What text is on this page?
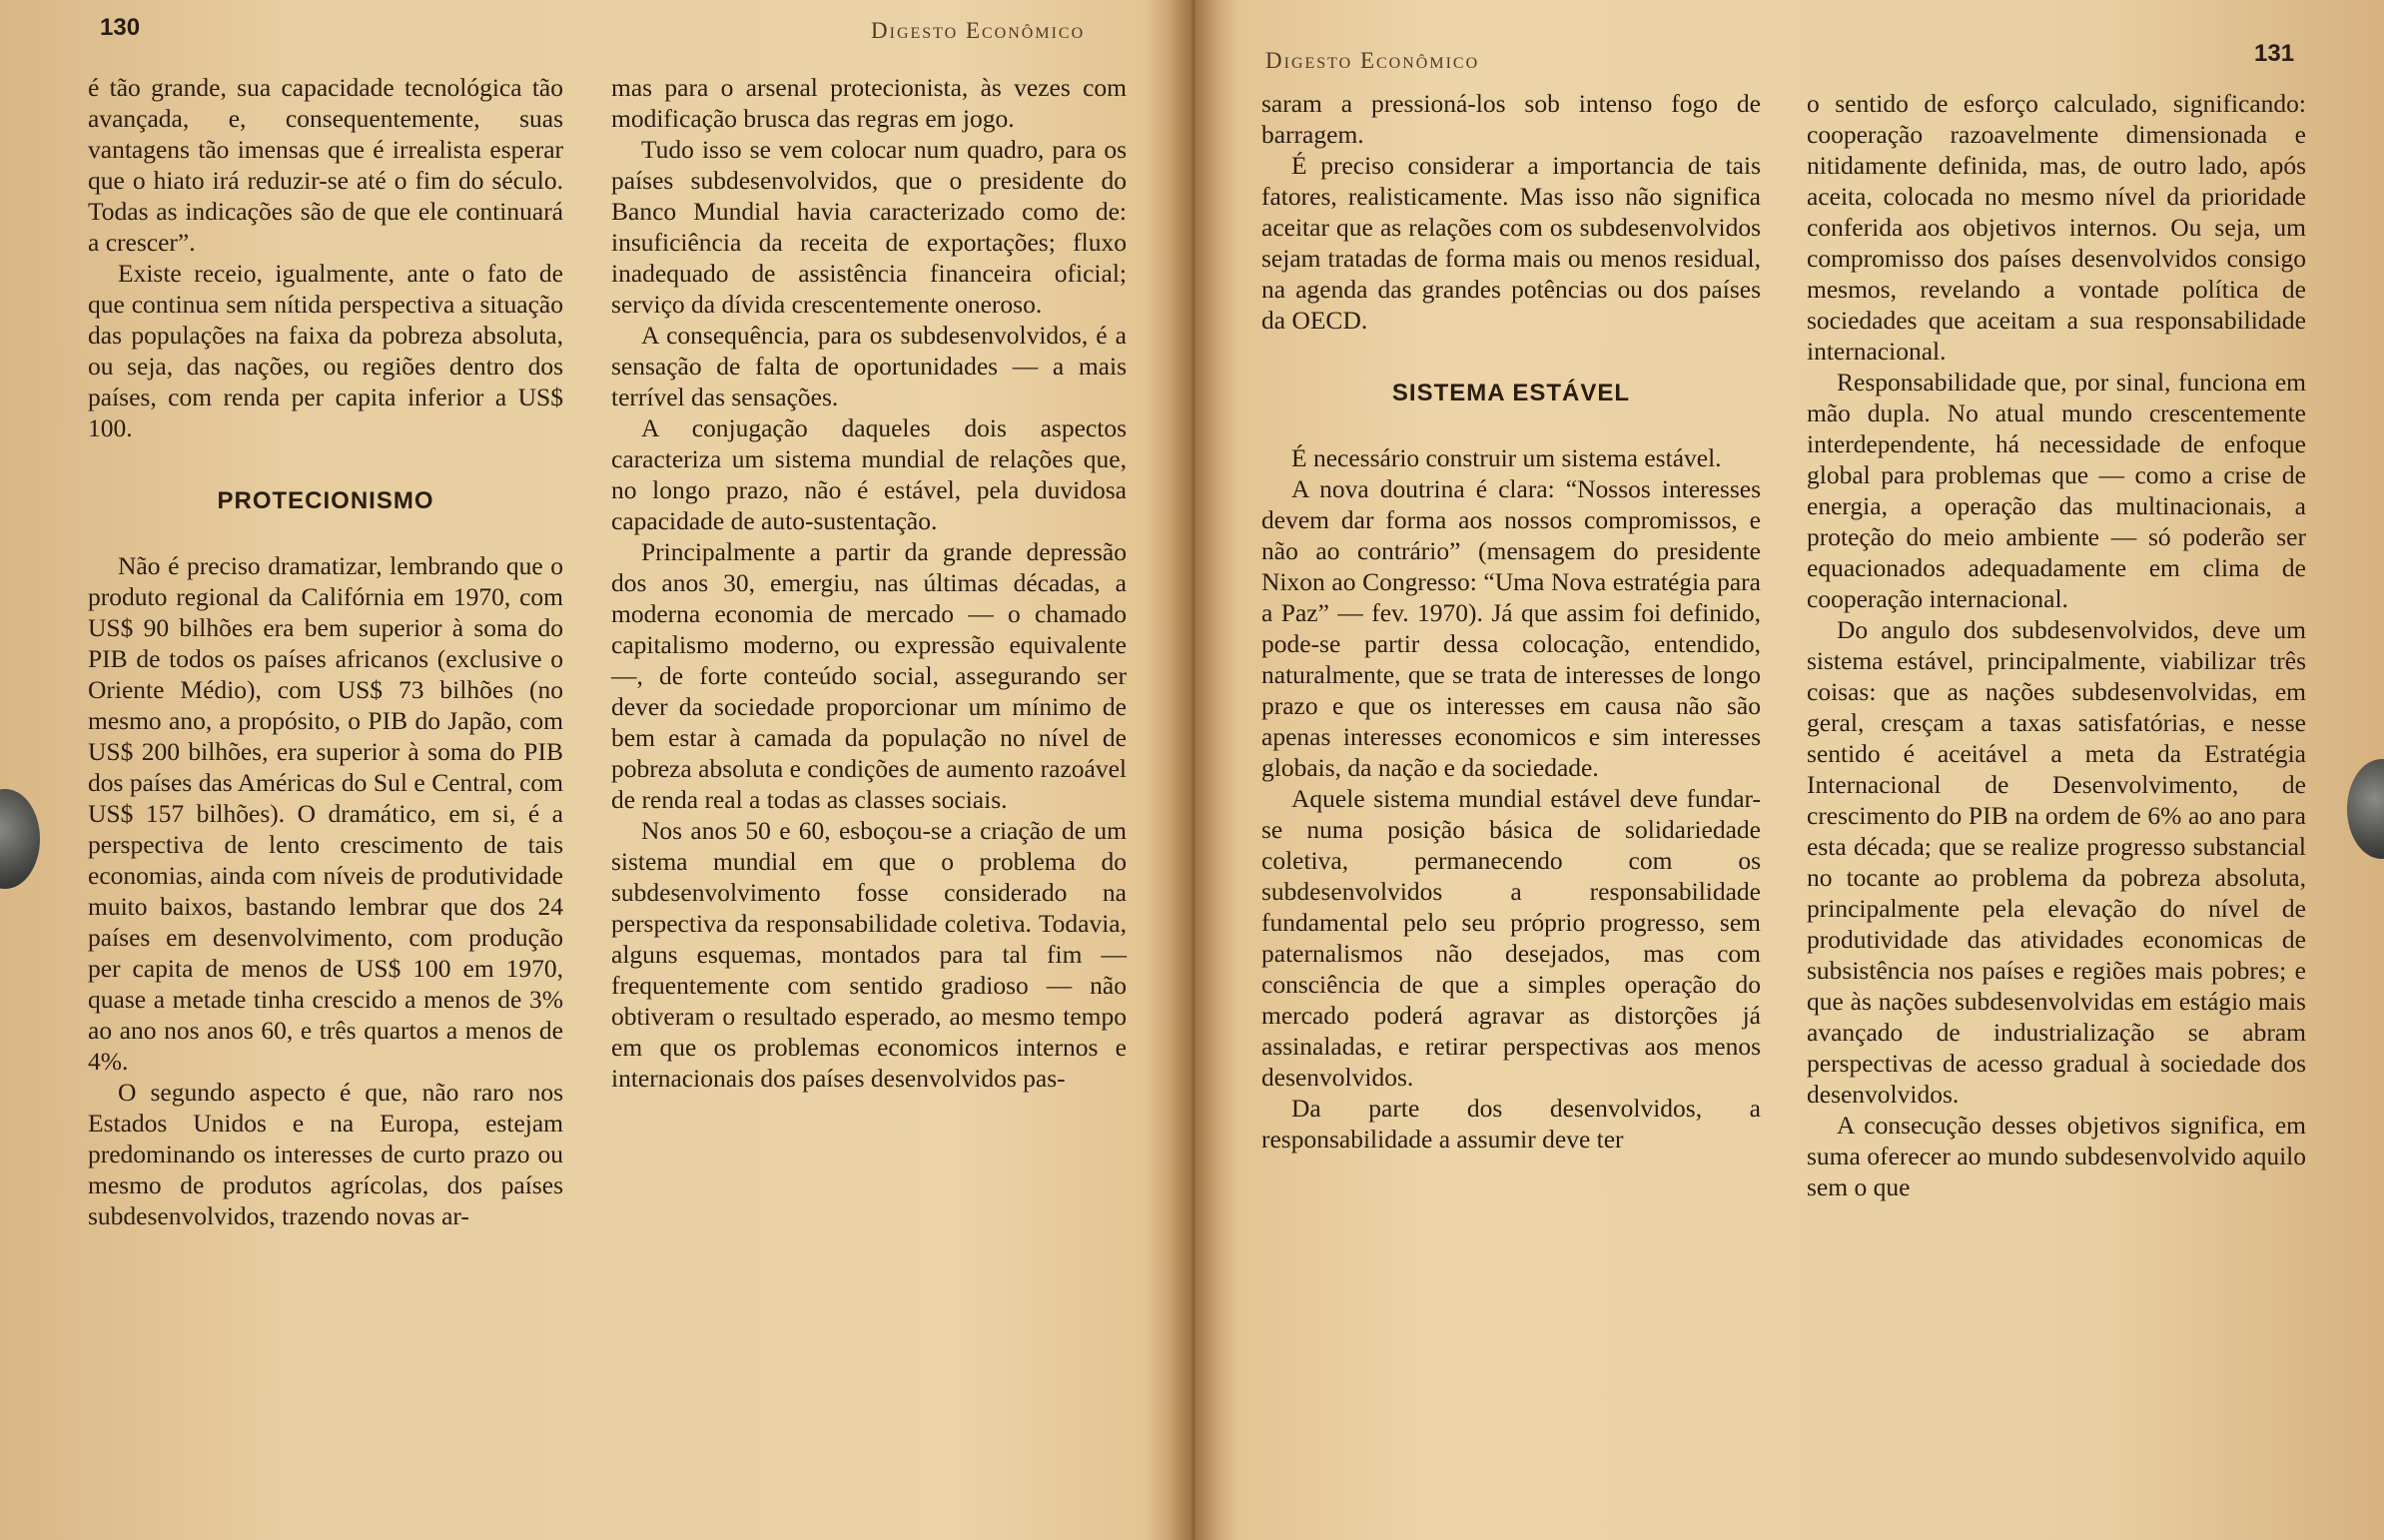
130	Digesto Econômico

é tão grande, sua capacidade tecnológica tão avançada, e, consequentemente, suas vantagens tão imensas que é irrealista esperar que o hiato irá reduzir-se até o fim do século. Todas as indicações são de que ele continuará a crescer”.

Existe receio, igualmente, ante o fato de que continua sem nítida perspectiva a situação das populações na faixa da pobreza absoluta, ou seja, das nações, ou regiões dentro dos países, com renda per capita inferior a US$ 100.

PROTECIONISMO

Não é preciso dramatizar, lembrando que o produto regional da Califórnia em 1970, com US$ 90 bilhões era bem superior à soma do PIB de todos os países africanos (exclusive o Oriente Médio), com US$ 73 bilhões (no mesmo ano, a propósito, o PIB do Japão, com US$ 200 bilhões, era superior à soma do PIB dos países das Américas do Sul e Central, com US$ 157 bilhões). O dramático, em si, é a perspectiva de lento crescimento de tais economias, ainda com níveis de produtividade muito baixos, bastando lembrar que dos 24 países em desenvolvimento, com produção per capita de menos de US$ 100 em 1970, quase a metade tinha crescido a menos de 3% ao ano nos anos 60, e três quartos a menos de 4%.

O segundo aspecto é que, não raro nos Estados Unidos e na Europa, estejam predominando os interesses de curto prazo ou mesmo de produtos agrícolas, dos países subdesenvolvidos, trazendo novas ar-

mas para o arsenal protecionista, às vezes com modificação brusca das regras em jogo.

Tudo isso se vem colocar num quadro, para os países subdesenvolvidos, que o presidente do Banco Mundial havia caracterizado como de: insuficiência da receita de exportações; fluxo inadequado de assistência financeira oficial; serviço da dívida crescentemente oneroso.

A consequência, para os subdesenvolvidos, é a sensação de falta de oportunidades — a mais terrível das sensações.

A conjugação daqueles dois aspectos caracteriza um sistema mundial de relações que, no longo prazo, não é estável, pela duvidosa capacidade de auto-sustentação.

Principalmente a partir da grande depressão dos anos 30, emergiu, nas últimas décadas, a moderna economia de mercado — o chamado capitalismo moderno, ou expressão equivalente —, de forte conteúdo social, assegurando ser dever da sociedade proporcionar um mínimo de bem estar à camada da população no nível de pobreza absoluta e condições de aumento razoável de renda real a todas as classes sociais.

Nos anos 50 e 60, esboçou-se a criação de um sistema mundial em que o problema do subdesenvolvimento fosse considerado na perspectiva da responsabilidade coletiva. Todavia, alguns esquemas, montados para tal fim — frequentemente com sentido gradioso — não obtiveram o resultado esperado, ao mesmo tempo em que os problemas economicos internos e internacionais dos países desenvolvidos pas-

Digesto Econômico	131

saram a pressioná-los sob intenso fogo de barragem.

É preciso considerar a importancia de tais fatores, realisticamente. Mas isso não significa aceitar que as relações com os subdesenvolvidos sejam tratadas de forma mais ou menos residual, na agenda das grandes potências ou dos países da OECD.

SISTEMA ESTÁVEL

É necessário construir um sistema estável.

A nova doutrina é clara: “Nossos interesses devem dar forma aos nossos compromissos, e não ao contrário” (mensagem do presidente Nixon ao Congresso: “Uma Nova estratégia para a Paz” — fev. 1970). Já que assim foi definido, pode-se partir dessa colocação, entendido, naturalmente, que se trata de interesses de longo prazo e que os interesses em causa não são apenas interesses economicos e sim interesses globais, da nação e da sociedade.

Aquele sistema mundial estável deve fundar-se numa posição básica de solidariedade coletiva, permanecendo com os subdesenvolvidos a responsabilidade fundamental pelo seu próprio progresso, sem paternalismos não desejados, mas com consciência de que a simples operação do mercado poderá agravar as distorções já assinaladas, e retirar perspectivas aos menos desenvolvidos.

Da parte dos desenvolvidos, a responsabilidade a assumir deve ter

o sentido de esforço calculado, significando: cooperação razoavelmente dimensionada e nitidamente definida, mas, de outro lado, após aceita, colocada no mesmo nível da prioridade conferida aos objetivos internos. Ou seja, um compromisso dos países desenvolvidos consigo mesmos, revelando a vontade política de sociedades que aceitam a sua responsabilidade internacional.

Responsabilidade que, por sinal, funciona em mão dupla. No atual mundo crescentemente interdependente, há necessidade de enfoque global para problemas que — como a crise de energia, a operação das multinacionais, a proteção do meio ambiente — só poderão ser equacionados adequadamente em clima de cooperação internacional.

Do angulo dos subdesenvolvidos, deve um sistema estável, principalmente, viabilizar três coisas: que as nações subdesenvolvidas, em geral, cresçam a taxas satisfatórias, e nesse sentido é aceitável a meta da Estratégia Internacional de Desenvolvimento, de crescimento do PIB na ordem de 6% ao ano para esta década; que se realize progresso substancial no tocante ao problema da pobreza absoluta, principalmente pela elevação do nível de produtividade das atividades economicas de subsistência nos países e regiões mais pobres; e que às nações subdesenvolvidas em estágio mais avançado de industrialização se abram perspectivas de acesso gradual à sociedade dos desenvolvidos.

A consecução desses objetivos significa, em suma oferecer ao mundo subdesenvolvido aquilo sem o que
